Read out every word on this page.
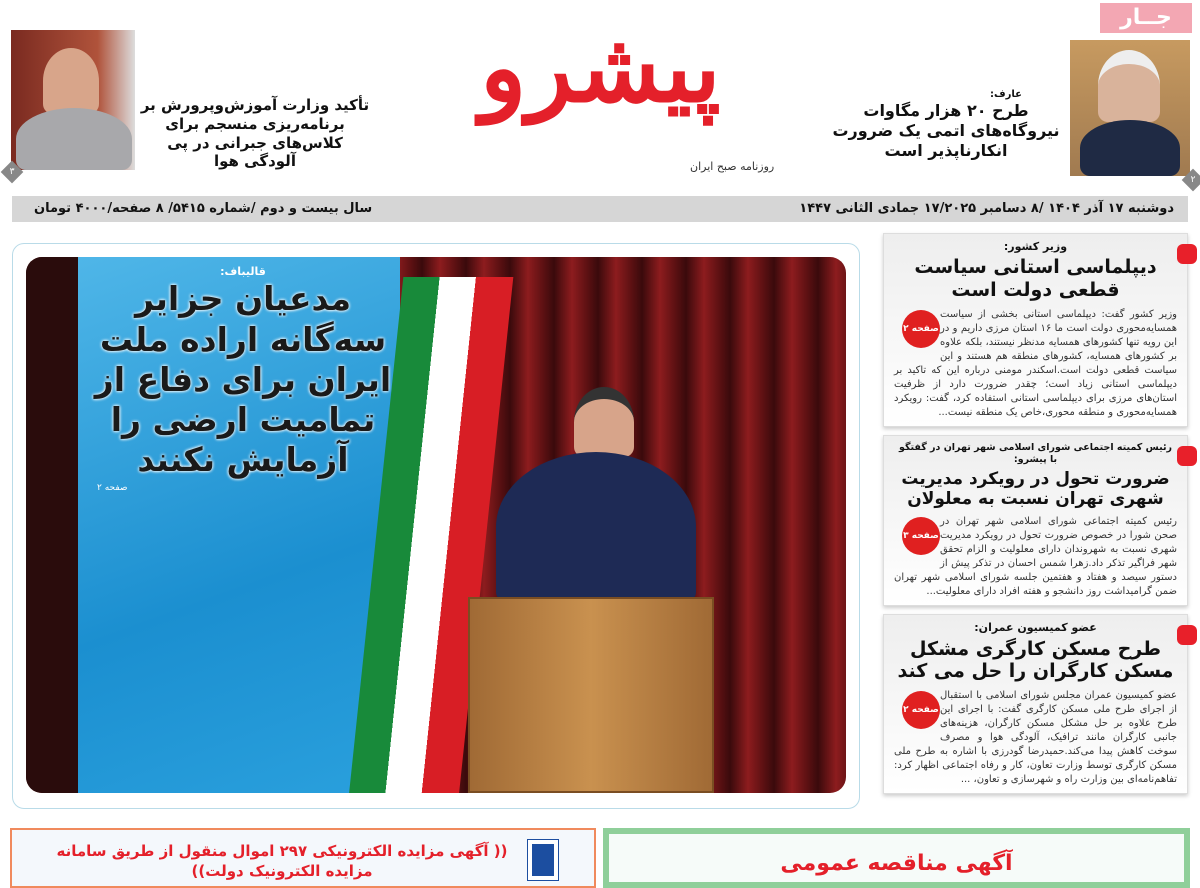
جــار
۲
عارف:
طرح ۲۰ هزار مگاوات نیروگاه‌های اتمی یک ضرورت انکارناپذیر است
پیشرو
روزنامه صبح ایران
۳
تأکید وزارت آموزش‌وپرورش بر برنامه‌ریزی منسجم برای کلاس‌های جبرانی در پی آلودگی هوا
دوشنبه ۱۷ آذر ۱۴۰۴ /۸ دسامبر ۱۷/۲۰۲۵ جمادی الثانی ۱۴۴۷
سال بیست و دوم /شماره ۵۴۱۵/ ۸ صفحه/۴۰۰۰ تومان
قالیباف:
مدعیان جزایر سه‌گانه اراده ملت ایران برای دفاع از تمامیت ارضی را آزمایش نکنند
صفحه ۲
وزیر کشور:
دیپلماسی استانی سیاست قطعی دولت است
صفحه ۲
وزیر کشور گفت: دیپلماسی استانی بخشی از سیاست همسایه‌محوری دولت است ما ۱۶ استان مرزی داریم و در این رویه تنها کشورهای همسایه مدنظر نیستند، بلکه علاوه بر کشورهای همسایه، کشورهای منطقه هم هستند و این سیاست قطعی دولت است.اسکندر مومنی درباره این که تاکید بر دیپلماسی استانی زیاد است؛ چقدر ضرورت دارد از ظرفیت استان‌های مرزی برای دیپلماسی استانی استفاده کرد، گفت: رویکرد همسایه‌محوری و منطقه محوری،خاص یک منطقه نیست...
رئیس کمیته اجتماعی شورای اسلامی شهر تهران در گفتگو با پیشرو:
ضرورت تحول در رویکرد مدیریت شهری تهران نسبت به معلولان
صفحه ۳
رئیس کمیته اجتماعی شورای اسلامی شهر تهران در صحن شورا در خصوص ضرورت تحول در رویکرد مدیریت شهری نسبت به شهروندان دارای معلولیت و الزام تحقق شهر فراگیر تذکر داد.زهرا شمس احسان در تذکر پیش از دستور سیصد و هفتاد و هفتمین جلسه شورای اسلامی شهر تهران ضمن گرامیداشت روز دانشجو و هفته افراد دارای معلولیت...
عضو کمیسیون عمران:
طرح مسکن کارگری مشکل مسکن کارگران را حل می کند
صفحه ۲
عضو کمیسیون عمران مجلس شورای اسلامی با استقبال از اجرای طرح ملی مسکن کارگری گفت: با اجرای این طرح علاوه بر حل مشکل مسکن کارگران، هزینه‌های جانبی کارگران مانند ترافیک، آلودگی هوا و مصرف سوخت کاهش پیدا می‌کند.حمیدرضا گودرزی با اشاره به طرح ملی مسکن کارگری توسط وزارت تعاون، کار و رفاه اجتماعی اظهار کرد: تفاهم‌نامه‌ای بین وزارت راه و شهرسازی و تعاون، ...
(( آگهی مزایده الکترونیکی ۲۹۷ اموال منقول از طریق سامانه مزایده الکترونیک دولت))	آگهی مناقصه عمومی
